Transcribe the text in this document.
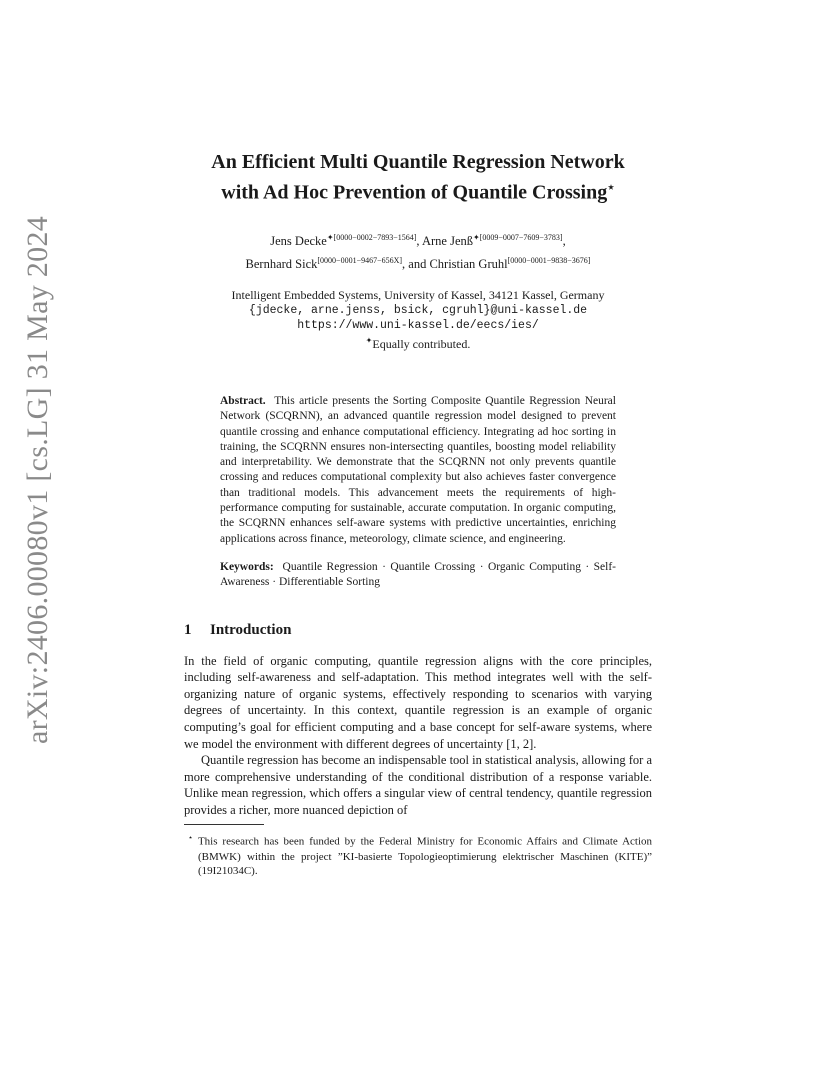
arXiv:2406.00080v1 [cs.LG] 31 May 2024
An Efficient Multi Quantile Regression Network
with Ad Hoc Prevention of Quantile Crossing⋆
Jens Decke$^{✦[0000-0002-7893-1564]}$, Arne Jenß$^{✦[0009-0007-7609-3783]}$,
Bernhard Sick[0000−0001−9467−656X], and Christian Gruhl[0000−0001−9838−3676]
Intelligent Embedded Systems, University of Kassel, 34121 Kassel, Germany
{jdecke, arne.jenss, bsick, cgruhl}@uni-kassel.de
https://www.uni-kassel.de/eecs/ies/
✦Equally contributed.
Abstract. This article presents the Sorting Composite Quantile Regression Neural Network (SCQRNN), an advanced quantile regression model designed to prevent quantile crossing and enhance computational efficiency. Integrating ad hoc sorting in training, the SCQRNN ensures non-intersecting quantiles, boosting model reliability and interpretability. We demonstrate that the SCQRNN not only prevents quantile crossing and reduces computational complexity but also achieves faster convergence than traditional models. This advancement meets the requirements of high-performance computing for sustainable, accurate computation. In organic computing, the SCQRNN enhances self-aware systems with predictive uncertainties, enriching applications across finance, meteorology, climate science, and engineering.
Keywords: Quantile Regression · Quantile Crossing · Organic Computing · Self-Awareness · Differentiable Sorting
1 Introduction

In the field of organic computing, quantile regression aligns with the core principles, including self-awareness and self-adaptation. This method integrates well with the self-organizing nature of organic systems, effectively responding to scenarios with varying degrees of uncertainty. In this context, quantile regression is an example of organic computing’s goal for efficient computing and a base concept for self-aware systems, where we model the environment with different degrees of uncertainty [1, 2].

Quantile regression has become an indispensable tool in statistical analysis, allowing for a more comprehensive understanding of the conditional distribution of a response variable. Unlike mean regression, which offers a singular view of central tendency, quantile regression provides a richer, more nuanced depiction of

⋆ This research has been funded by the Federal Ministry for Economic Affairs and Climate Action (BMWK) within the project ”KI-basierte Topologieoptimierung elektrischer Maschinen (KITE)” (19I21034C).
